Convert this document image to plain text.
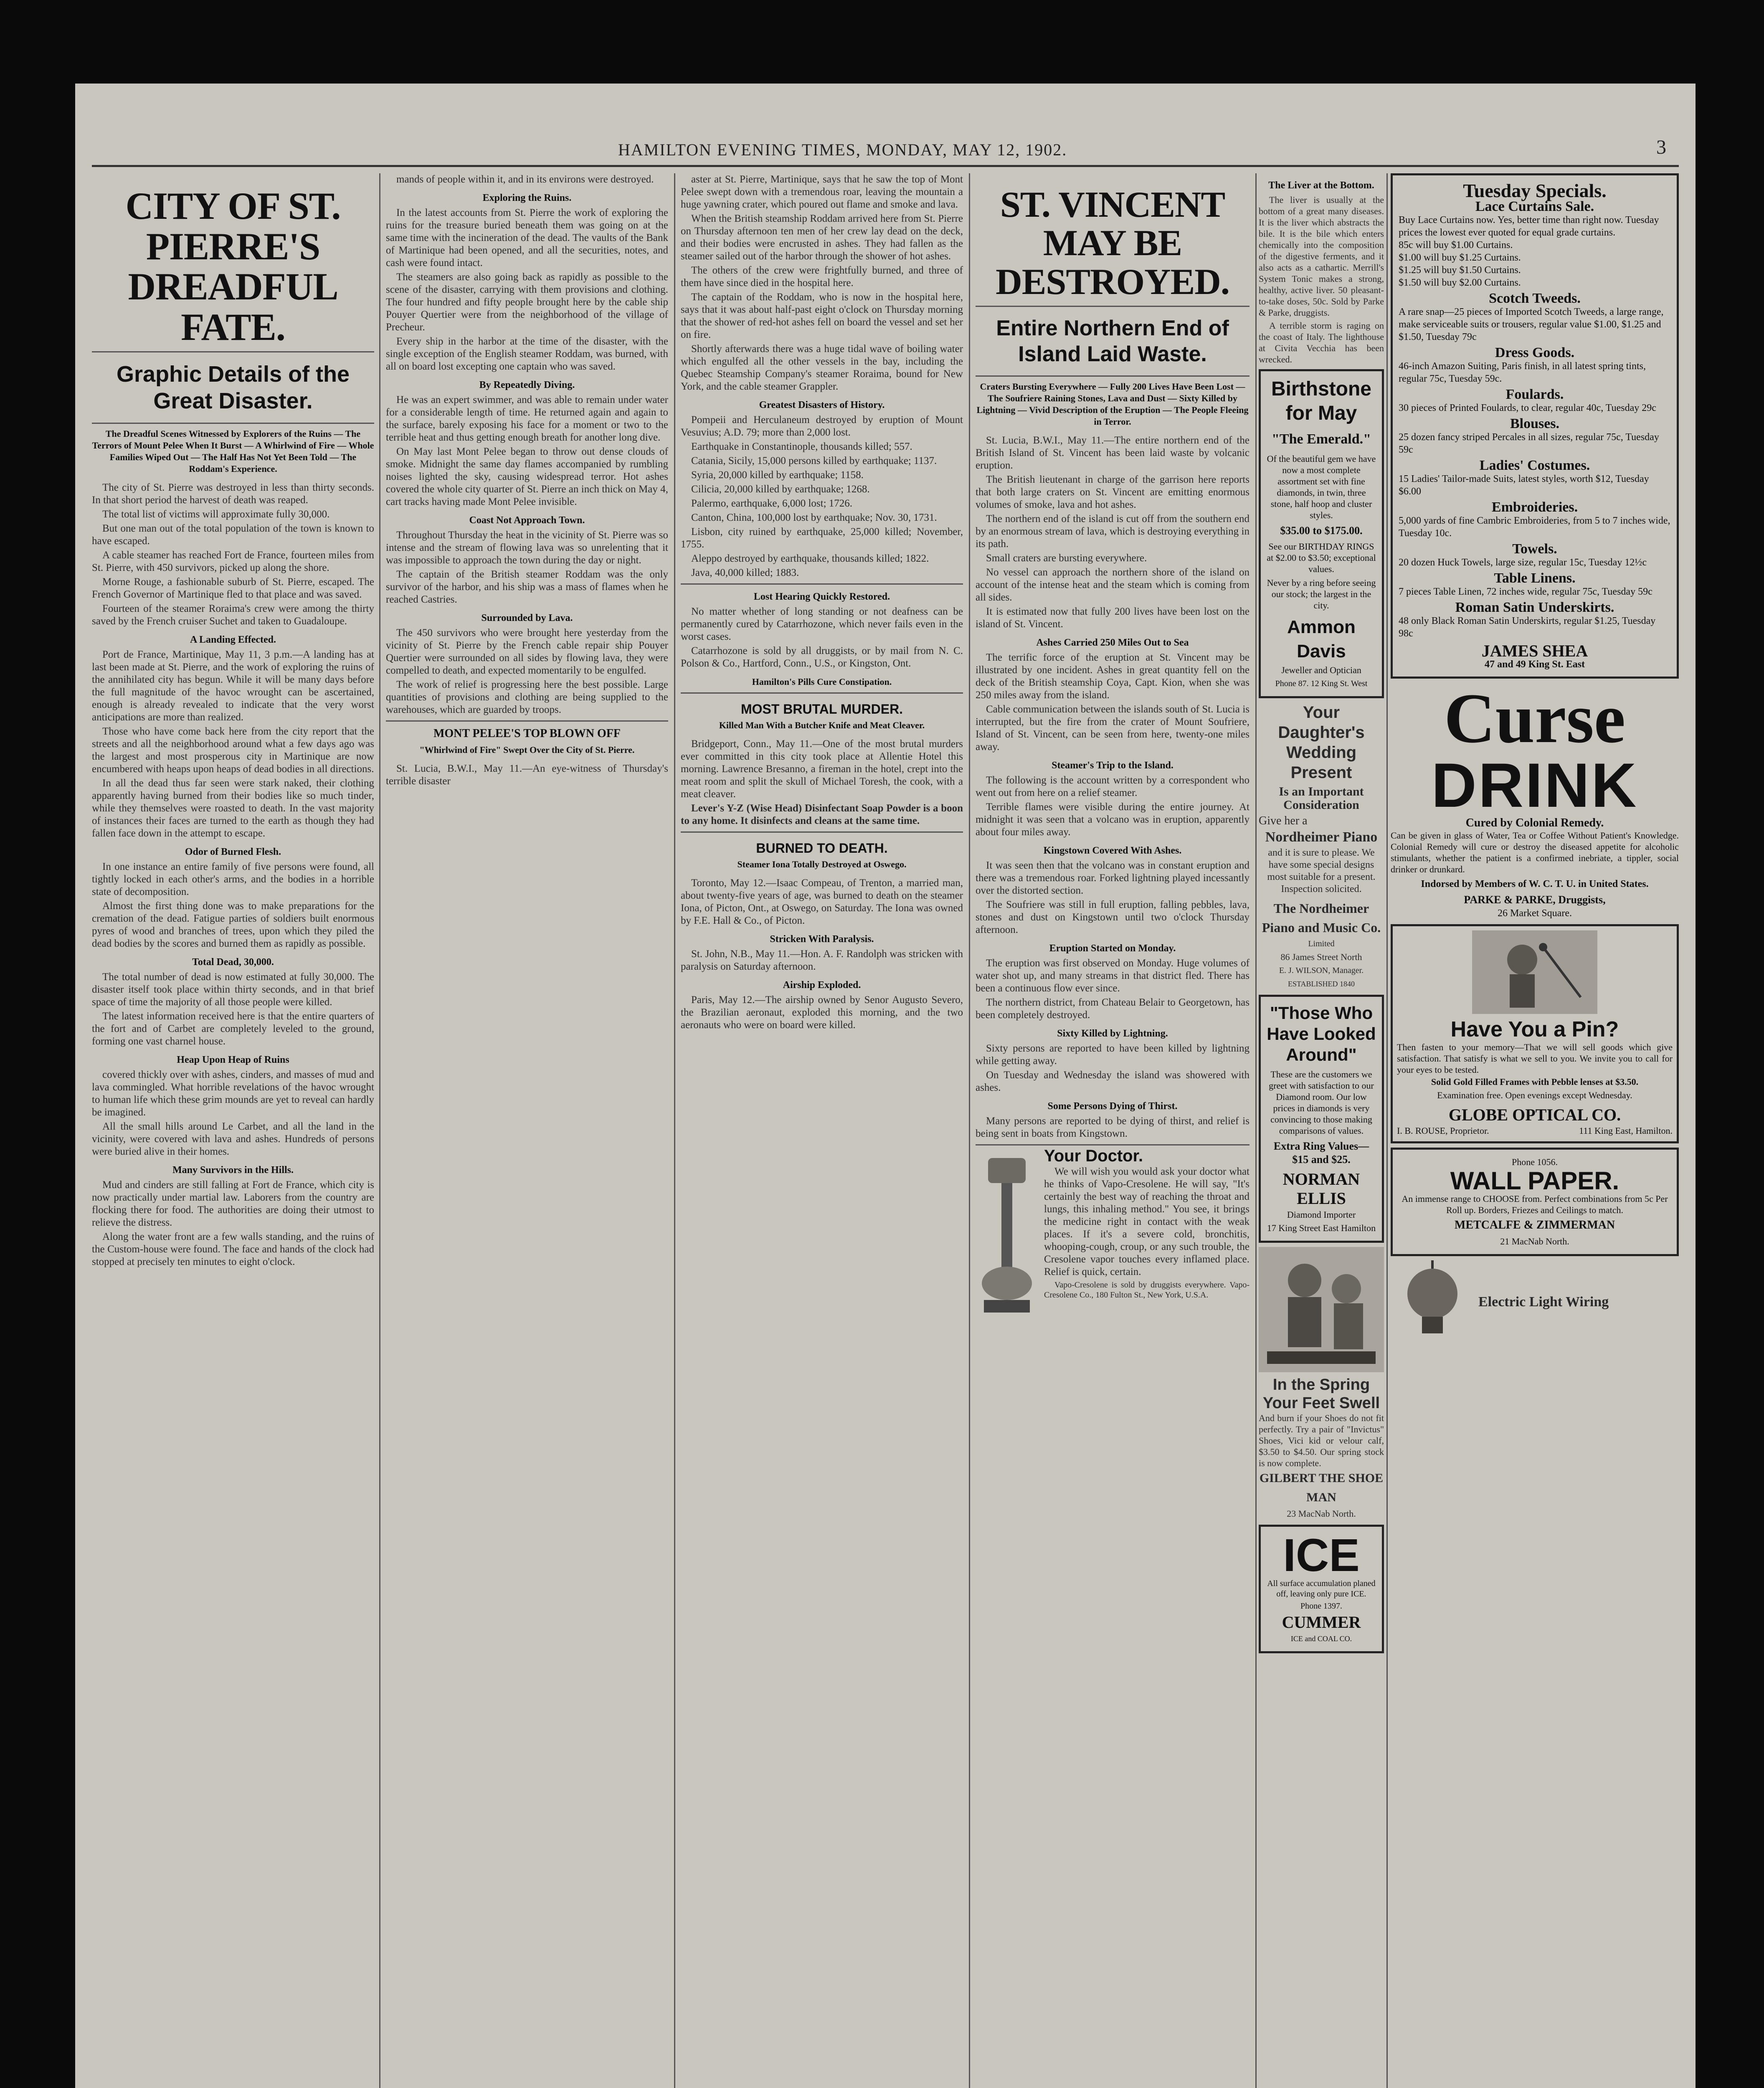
HAMILTON EVENING TIMES, MONDAY, MAY 12, 1902.	3
CITY OF ST. PIERRE'S DREADFUL FATE.
Graphic Details of the Great Disaster.
The Dreadful Scenes Witnessed by Explorers of the Ruins — The Terrors of Mount Pelee When It Burst — A Whirlwind of Fire — Whole Families Wiped Out — The Half Has Not Yet Been Told — The Roddam's Experience.

The city of St. Pierre was destroyed in less than thirty seconds. In that short period the harvest of death was reaped.

The total list of victims will approximate fully 30,000.

But one man out of the total population of the town is known to have escaped.

A cable steamer has reached Fort de France, fourteen miles from St. Pierre, with 450 survivors, picked up along the shore.

Morne Rouge, a fashionable suburb of St. Pierre, escaped. The French Governor of Martinique fled to that place and was saved.

Fourteen of the steamer Roraima's crew were among the thirty saved by the French cruiser Suchet and taken to Guadaloupe.

A Landing Effected.

Port de France, Martinique, May 11, 3 p.m.—A landing has at last been made at St. Pierre, and the work of exploring the ruins of the annihilated city has begun. While it will be many days before the full magnitude of the havoc wrought can be ascertained, enough is already revealed to indicate that the very worst anticipations are more than realized.

Those who have come back here from the city report that the streets and all the neighborhood around what a few days ago was the largest and most prosperous city in Martinique are now encumbered with heaps upon heaps of dead bodies in all directions.

In all the dead thus far seen were stark naked, their clothing apparently having burned from their bodies like so much tinder, while they themselves were roasted to death. In the vast majority of instances their faces are turned to the earth as though they had fallen face down in the attempt to escape.

Odor of Burned Flesh.

In one instance an entire family of five persons were found, all tightly locked in each other's arms, and the bodies in a horrible state of decomposition.

Almost the first thing done was to make preparations for the cremation of the dead. Fatigue parties of soldiers built enormous pyres of wood and branches of trees, upon which they piled the dead bodies by the scores and burned them as rapidly as possible.

Total Dead, 30,000.

The total number of dead is now estimated at fully 30,000. The disaster itself took place within thirty seconds, and in that brief space of time the majority of all those people were killed.

The latest information received here is that the entire quarters of the fort and of Carbet are completely leveled to the ground, forming one vast charnel house.

Heap Upon Heap of Ruins

covered thickly over with ashes, cinders, and masses of mud and lava commingled. What horrible revelations of the havoc wrought to human life which these grim mounds are yet to reveal can hardly be imagined.

All the small hills around Le Carbet, and all the land in the vicinity, were covered with lava and ashes. Hundreds of persons were buried alive in their homes.

Many Survivors in the Hills.

Mud and cinders are still falling at Fort de France, which city is now practically under martial law. Laborers from the country are flocking there for food. The authorities are doing their utmost to relieve the distress.

Along the water front are a few walls standing, and the ruins of the Custom-house were found. The face and hands of the clock had stopped at precisely ten minutes to eight o'clock.

mands of people within it, and in its environs were destroyed.

Exploring the Ruins.

In the latest accounts from St. Pierre the work of exploring the ruins for the treasure buried beneath them was going on at the same time with the incineration of the dead. The vaults of the Bank of Martinique had been opened, and all the securities, notes, and cash were found intact.

The steamers are also going back as rapidly as possible to the scene of the disaster, carrying with them provisions and clothing. The four hundred and fifty people brought here by the cable ship Pouyer Quertier were from the neighborhood of the village of Precheur.

Every ship in the harbor at the time of the disaster, with the single exception of the English steamer Roddam, was burned, with all on board lost excepting one captain who was saved.

By Repeatedly Diving.

He was an expert swimmer, and was able to remain under water for a considerable length of time. He returned again and again to the surface, barely exposing his face for a moment or two to the terrible heat and thus getting enough breath for another long dive.

On May last Mont Pelee began to throw out dense clouds of smoke. Midnight the same day flames accompanied by rumbling noises lighted the sky, causing widespread terror. Hot ashes covered the whole city quarter of St. Pierre an inch thick on May 4, cart tracks having made Mont Pelee invisible.

Coast Not Approach Town.

Throughout Thursday the heat in the vicinity of St. Pierre was so intense and the stream of flowing lava was so unrelenting that it was impossible to approach the town during the day or night.

The captain of the British steamer Roddam was the only survivor of the harbor, and his ship was a mass of flames when he reached Castries.

Surrounded by Lava.

The 450 survivors who were brought here yesterday from the vicinity of St. Pierre by the French cable repair ship Pouyer Quertier were surrounded on all sides by flowing lava, they were compelled to death, and expected momentarily to be engulfed.

The work of relief is progressing here the best possible. Large quantities of provisions and clothing are being supplied to the warehouses, which are guarded by troops.

MONT PELEE'S TOP BLOWN OFF
"Whirlwind of Fire" Swept Over the City of St. Pierre.

St. Lucia, B.W.I., May 11.—An eye-witness of Thursday's terrible disaster

aster at St. Pierre, Martinique, says that he saw the top of Mont Pelee swept down with a tremendous roar, leaving the mountain a huge yawning crater, which poured out flame and smoke and lava.

When the British steamship Roddam arrived here from St. Pierre on Thursday afternoon ten men of her crew lay dead on the deck, and their bodies were encrusted in ashes. They had fallen as the steamer sailed out of the harbor through the shower of hot ashes.

The others of the crew were frightfully burned, and three of them have since died in the hospital here.

The captain of the Roddam, who is now in the hospital here, says that it was about half-past eight o'clock on Thursday morning that the shower of red-hot ashes fell on board the vessel and set her on fire.

Shortly afterwards there was a huge tidal wave of boiling water which engulfed all the other vessels in the bay, including the Quebec Steamship Company's steamer Roraima, bound for New York, and the cable steamer Grappler.

Greatest Disasters of History.

Pompeii and Herculaneum destroyed by eruption of Mount Vesuvius; A.D. 79; more than 2,000 lost.

Earthquake in Constantinople, thousands killed; 557.

Catania, Sicily, 15,000 persons killed by earthquake; 1137.

Syria, 20,000 killed by earthquake; 1158.

Cilicia, 20,000 killed by earthquake; 1268.

Palermo, earthquake, 6,000 lost; 1726.

Canton, China, 100,000 lost by earthquake; Nov. 30, 1731.

Lisbon, city ruined by earthquake, 25,000 killed; November, 1755.

Aleppo destroyed by earthquake, thousands killed; 1822.

Java, 40,000 killed; 1883.

Lost Hearing Quickly Restored.

No matter whether of long standing or not deafness can be permanently cured by Catarrhozone, which never fails even in the worst cases.

Catarrhozone is sold by all druggists, or by mail from N. C. Polson & Co., Hartford, Conn., U.S., or Kingston, Ont.

Hamilton's Pills Cure Constipation.
MOST BRUTAL MURDER.
Killed Man With a Butcher Knife and Meat Cleaver.

Bridgeport, Conn., May 11.—One of the most brutal murders ever committed in this city took place at Allentie Hotel this morning. Lawrence Bresanno, a fireman in the hotel, crept into the meat room and split the skull of Michael Toresh, the cook, with a meat cleaver.

Lever's Y-Z (Wise Head) Disinfectant Soap Powder is a boon to any home. It disinfects and cleans at the same time.

BURNED TO DEATH.
Steamer Iona Totally Destroyed at Oswego.

Toronto, May 12.—Isaac Compeau, of Trenton, a married man, about twenty-five years of age, was burned to death on the steamer Iona, of Picton, Ont., at Oswego, on Saturday. The Iona was owned by F.E. Hall & Co., of Picton.

Stricken With Paralysis.

St. John, N.B., May 11.—Hon. A. F. Randolph was stricken with paralysis on Saturday afternoon.

Airship Exploded.

Paris, May 12.—The airship owned by Senor Augusto Severo, the Brazilian aeronaut, exploded this morning, and the two aeronauts who were on board were killed.

ST. VINCENT MAY BE DESTROYED.
Entire Northern End of Island Laid Waste.
Craters Bursting Everywhere — Fully 200 Lives Have Been Lost — The Soufriere Raining Stones, Lava and Dust — Sixty Killed by Lightning — Vivid Description of the Eruption — The People Fleeing in Terror.

St. Lucia, B.W.I., May 11.—The entire northern end of the British Island of St. Vincent has been laid waste by volcanic eruption.

The British lieutenant in charge of the garrison here reports that both large craters on St. Vincent are emitting enormous volumes of smoke, lava and hot ashes.

The northern end of the island is cut off from the southern end by an enormous stream of lava, which is destroying everything in its path.

Small craters are bursting everywhere.

No vessel can approach the northern shore of the island on account of the intense heat and the steam which is coming from all sides.

It is estimated now that fully 200 lives have been lost on the island of St. Vincent.

Ashes Carried 250 Miles Out to Sea

The terrific force of the eruption at St. Vincent may be illustrated by one incident. Ashes in great quantity fell on the deck of the British steamship Coya, Capt. Kion, when she was 250 miles away from the island.

Cable communication between the islands south of St. Lucia is interrupted, but the fire from the crater of Mount Soufriere, Island of St. Vincent, can be seen from here, twenty-one miles away.

Steamer's Trip to the Island.

The following is the account written by a correspondent who went out from here on a relief steamer.

Terrible flames were visible during the entire journey. At midnight it was seen that a volcano was in eruption, apparently about four miles away.

Kingstown Covered With Ashes.

It was seen then that the volcano was in constant eruption and there was a tremendous roar. Forked lightning played incessantly over the distorted section.

The Soufriere was still in full eruption, falling pebbles, lava, stones and dust on Kingstown until two o'clock Thursday afternoon.

Eruption Started on Monday.

The eruption was first observed on Monday. Huge volumes of water shot up, and many streams in that district fled. There has been a continuous flow ever since.

The northern district, from Chateau Belair to Georgetown, has been completely destroyed.

Sixty Killed by Lightning.

Sixty persons are reported to have been killed by lightning while getting away.

On Tuesday and Wednesday the island was showered with ashes.

Some Persons Dying of Thirst.

Many persons are reported to be dying of thirst, and relief is being sent in boats from Kingstown.

Your Doctor.

We will wish you would ask your doctor what he thinks of Vapo-Cresolene. He will say, "It's certainly the best way of reaching the throat and lungs, this inhaling method." You see, it brings the medicine right in contact with the weak places. If it's a severe cold, bronchitis, whooping-cough, croup, or any such trouble, the Cresolene vapor touches every inflamed place. Relief is quick, certain.

Vapo-Cresolene is sold by druggists everywhere. Vapo-Cresolene Co., 180 Fulton St., New York, U.S.A.

The Liver at the Bottom.

The liver is usually at the bottom of a great many diseases. It is the liver which abstracts the bile. It is the bile which enters chemically into the composition of the digestive ferments, and it also acts as a cathartic. Merrill's System Tonic makes a strong, healthy, active liver. 50 pleasant-to-take doses, 50c. Sold by Parke & Parke, druggists.

A terrible storm is raging on the coast of Italy. The lighthouse at Civita Vecchia has been wrecked.

Birthstone for May
"The Emerald."
Of the beautiful gem we have now a most complete assortment set with fine diamonds, in twin, three stone, half hoop and cluster styles.
$35.00 to $175.00.
See our BIRTHDAY RINGS at $2.00 to $3.50; exceptional values.
Never by a ring before seeing our stock; the largest in the city.
Ammon Davis
Jeweller and Optician
Phone 87. 12 King St. West
Your Daughter's Wedding Present
Is an Important Consideration
Give her a
Nordheimer Piano
and it is sure to please. We have some special designs most suitable for a present. Inspection solicited.
The Nordheimer Piano and Music Co.
Limited
86 James Street North
E. J. WILSON, Manager.
ESTABLISHED 1840
"Those Who Have Looked Around"
These are the customers we greet with satisfaction to our Diamond room. Our low prices in diamonds is very convincing to those making comparisons of values.
Extra Ring Values—
$15 and $25.
NORMAN ELLIS
Diamond Importer
17 King Street East Hamilton
In the Spring Your Feet Swell
And burn if your Shoes do not fit perfectly. Try a pair of "Invictus" Shoes, Vici kid or velour calf, $3.50 to $4.50. Our spring stock is now complete.
GILBERT THE SHOE MAN
23 MacNab North.
ICE
All surface accumulation planed off, leaving only pure ICE.
Phone 1397.
CUMMER
ICE and COAL CO.
Tuesday Specials.
Lace Curtains Sale.
Buy Lace Curtains now. Yes, better time than right now. Tuesday prices the lowest ever quoted for equal grade curtains.
85c will buy $1.00 Curtains.
$1.00 will buy $1.25 Curtains.
$1.25 will buy $1.50 Curtains.
$1.50 will buy $2.00 Curtains.
Scotch Tweeds.
A rare snap—25 pieces of Imported Scotch Tweeds, a large range, make serviceable suits or trousers, regular value $1.00, $1.25 and $1.50, Tuesday 79c
Dress Goods.
46-inch Amazon Suiting, Paris finish, in all latest spring tints, regular 75c, Tuesday 59c.
Foulards.
30 pieces of Printed Foulards, to clear, regular 40c, Tuesday 29c
Blouses.
25 dozen fancy striped Percales in all sizes, regular 75c, Tuesday 59c
Ladies' Costumes.
15 Ladies' Tailor-made Suits, latest styles, worth $12, Tuesday $6.00
Embroideries.
5,000 yards of fine Cambric Embroideries, from 5 to 7 inches wide, Tuesday 10c.
Towels.
20 dozen Huck Towels, large size, regular 15c, Tuesday 12½c
Table Linens.
7 pieces Table Linen, 72 inches wide, regular 75c, Tuesday 59c
Roman Satin Underskirts.
48 only Black Roman Satin Underskirts, regular $1.25, Tuesday 98c
JAMES SHEA
47 and 49 King St. East
Curse
DRINK
Cured by Colonial Remedy.
Can be given in glass of Water, Tea or Coffee Without Patient's Knowledge. Colonial Remedy will cure or destroy the diseased appetite for alcoholic stimulants, whether the patient is a confirmed inebriate, a tippler, social drinker or drunkard.
Indorsed by Members of W. C. T. U. in United States.
PARKE & PARKE, Druggists,
26 Market Square.
Have You a Pin?
Then fasten to your memory—That we will sell goods which give satisfaction. That satisfy is what we sell to you. We invite you to call for your eyes to be tested.
Solid Gold Filled Frames with Pebble lenses at $3.50.
Examination free. Open evenings except Wednesday.
GLOBE OPTICAL CO.
I. B. ROUSE, Proprietor.	111 King East, Hamilton.
Phone 1056.
WALL PAPER.
An immense range to CHOOSE from. Perfect combinations from 5c Per Roll up. Borders, Friezes and Ceilings to match.
METCALFE & ZIMMERMAN
21 MacNab North.
Electric Light Wiring
